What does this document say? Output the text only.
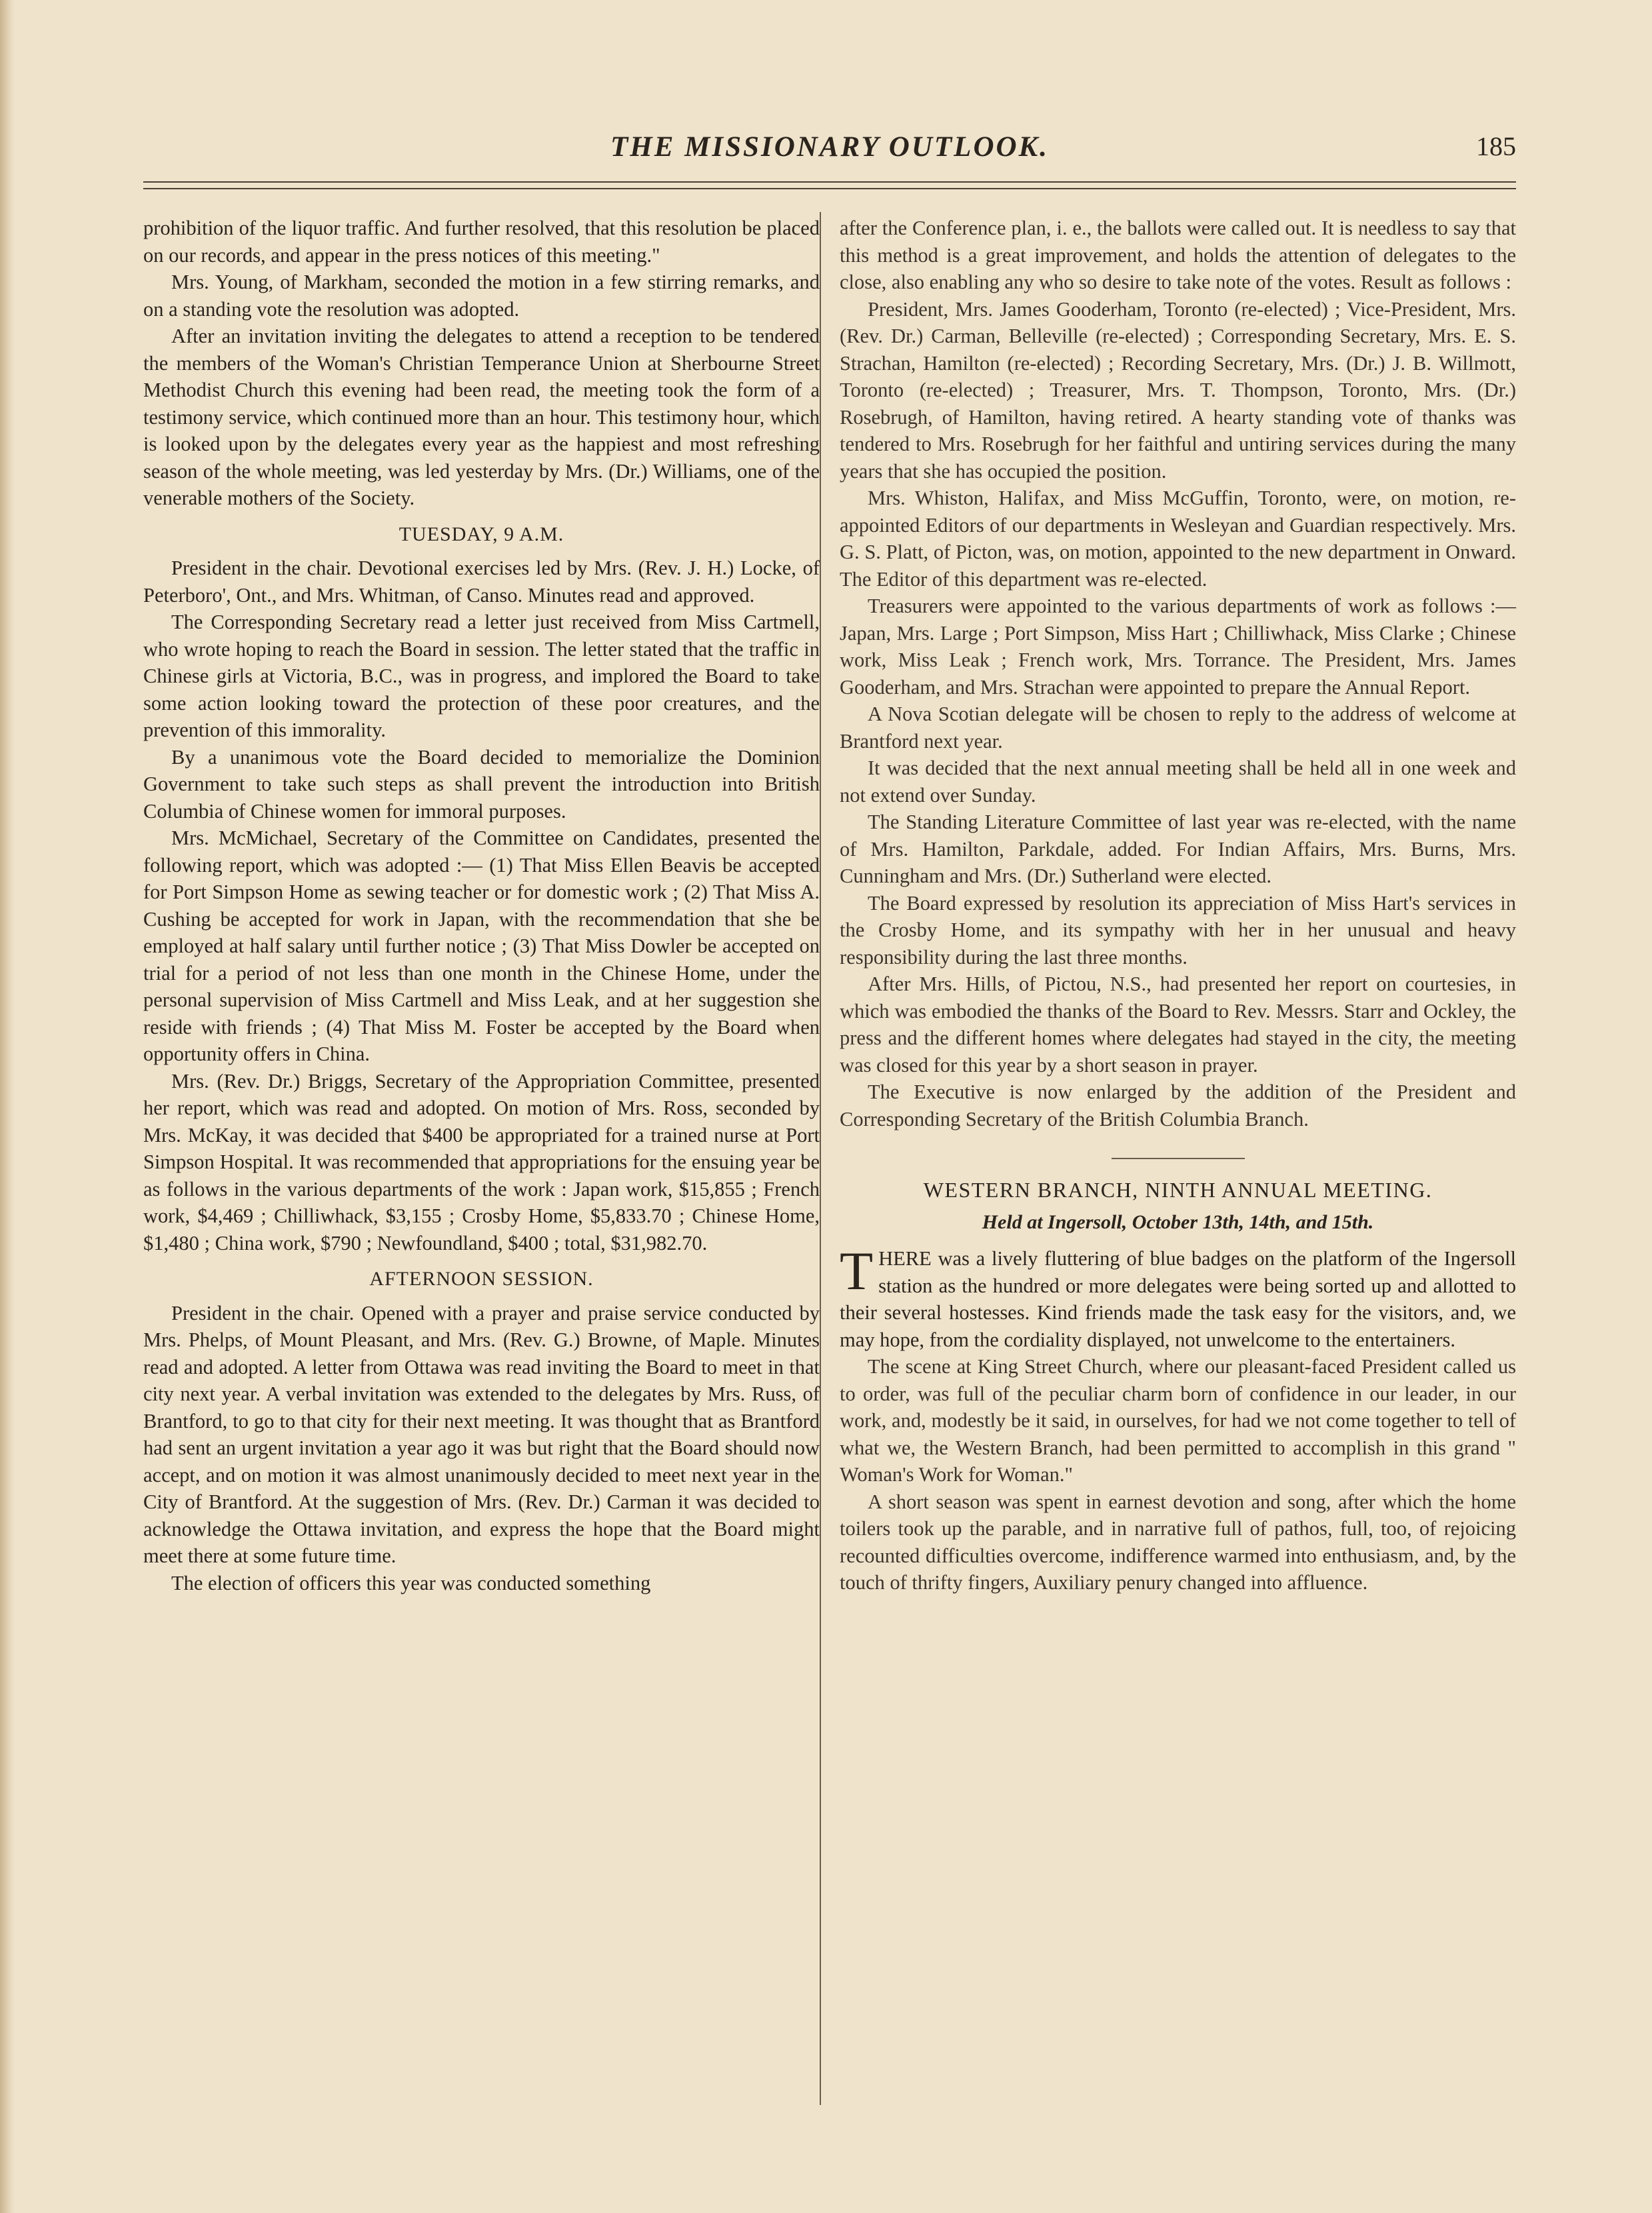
THE MISSIONARY OUTLOOK.	185

prohibition of the liquor traffic. And further resolved, that this resolution be placed on our records, and appear in the press notices of this meeting."

Mrs. Young, of Markham, seconded the motion in a few stirring remarks, and on a standing vote the resolution was adopted.

After an invitation inviting the delegates to attend a reception to be tendered the members of the Woman's Christian Temperance Union at Sherbourne Street Methodist Church this evening had been read, the meeting took the form of a testimony service, which continued more than an hour. This testimony hour, which is looked upon by the delegates every year as the happiest and most refreshing season of the whole meeting, was led yesterday by Mrs. (Dr.) Williams, one of the venerable mothers of the Society.

TUESDAY, 9 A.M.

President in the chair. Devotional exercises led by Mrs. (Rev. J. H.) Locke, of Peterboro', Ont., and Mrs. Whitman, of Canso. Minutes read and approved.

The Corresponding Secretary read a letter just received from Miss Cartmell, who wrote hoping to reach the Board in session. The letter stated that the traffic in Chinese girls at Victoria, B.C., was in progress, and implored the Board to take some action looking toward the protection of these poor creatures, and the prevention of this immorality.

By a unanimous vote the Board decided to memorialize the Dominion Government to take such steps as shall prevent the introduction into British Columbia of Chinese women for immoral purposes.

Mrs. McMichael, Secretary of the Committee on Candidates, presented the following report, which was adopted :— (1) That Miss Ellen Beavis be accepted for Port Simpson Home as sewing teacher or for domestic work ; (2) That Miss A. Cushing be accepted for work in Japan, with the recommendation that she be employed at half salary until further notice ; (3) That Miss Dowler be accepted on trial for a period of not less than one month in the Chinese Home, under the personal supervision of Miss Cartmell and Miss Leak, and at her suggestion she reside with friends ; (4) That Miss M. Foster be accepted by the Board when opportunity offers in China.

Mrs. (Rev. Dr.) Briggs, Secretary of the Appropriation Committee, presented her report, which was read and adopted. On motion of Mrs. Ross, seconded by Mrs. McKay, it was decided that $400 be appropriated for a trained nurse at Port Simpson Hospital. It was recommended that appropriations for the ensuing year be as follows in the various departments of the work : Japan work, $15,855 ; French work, $4,469 ; Chilliwhack, $3,155 ; Crosby Home, $5,833.70 ; Chinese Home, $1,480 ; China work, $790 ; Newfoundland, $400 ; total, $31,982.70.

AFTERNOON SESSION.

President in the chair. Opened with a prayer and praise service conducted by Mrs. Phelps, of Mount Pleasant, and Mrs. (Rev. G.) Browne, of Maple. Minutes read and adopted. A letter from Ottawa was read inviting the Board to meet in that city next year. A verbal invitation was extended to the delegates by Mrs. Russ, of Brantford, to go to that city for their next meeting. It was thought that as Brantford had sent an urgent invitation a year ago it was but right that the Board should now accept, and on motion it was almost unanimously decided to meet next year in the City of Brantford. At the suggestion of Mrs. (Rev. Dr.) Carman it was decided to acknowledge the Ottawa invitation, and express the hope that the Board might meet there at some future time.

The election of officers this year was conducted something

after the Conference plan, i. e., the ballots were called out. It is needless to say that this method is a great improvement, and holds the attention of delegates to the close, also enabling any who so desire to take note of the votes. Result as follows :

President, Mrs. James Gooderham, Toronto (re-elected) ; Vice-President, Mrs. (Rev. Dr.) Carman, Belleville (re-elected) ; Corresponding Secretary, Mrs. E. S. Strachan, Hamilton (re-elected) ; Recording Secretary, Mrs. (Dr.) J. B. Willmott, Toronto (re-elected) ; Treasurer, Mrs. T. Thompson, Toronto, Mrs. (Dr.) Rosebrugh, of Hamilton, having retired. A hearty standing vote of thanks was tendered to Mrs. Rosebrugh for her faithful and untiring services during the many years that she has occupied the position.

Mrs. Whiston, Halifax, and Miss McGuffin, Toronto, were, on motion, re-appointed Editors of our departments in Wesleyan and Guardian respectively. Mrs. G. S. Platt, of Picton, was, on motion, appointed to the new department in Onward. The Editor of this department was re-elected.

Treasurers were appointed to the various departments of work as follows :—Japan, Mrs. Large ; Port Simpson, Miss Hart ; Chilliwhack, Miss Clarke ; Chinese work, Miss Leak ; French work, Mrs. Torrance. The President, Mrs. James Gooderham, and Mrs. Strachan were appointed to prepare the Annual Report.

A Nova Scotian delegate will be chosen to reply to the address of welcome at Brantford next year.

It was decided that the next annual meeting shall be held all in one week and not extend over Sunday.

The Standing Literature Committee of last year was re-elected, with the name of Mrs. Hamilton, Parkdale, added. For Indian Affairs, Mrs. Burns, Mrs. Cunningham and Mrs. (Dr.) Sutherland were elected.

The Board expressed by resolution its appreciation of Miss Hart's services in the Crosby Home, and its sympathy with her in her unusual and heavy responsibility during the last three months.

After Mrs. Hills, of Pictou, N.S., had presented her report on courtesies, in which was embodied the thanks of the Board to Rev. Messrs. Starr and Ockley, the press and the different homes where delegates had stayed in the city, the meeting was closed for this year by a short season in prayer.

The Executive is now enlarged by the addition of the President and Corresponding Secretary of the British Columbia Branch.

WESTERN BRANCH, NINTH ANNUAL MEETING.

Held at Ingersoll, October 13th, 14th, and 15th.

THERE was a lively fluttering of blue badges on the platform of the Ingersoll station as the hundred or more delegates were being sorted up and allotted to their several hostesses. Kind friends made the task easy for the visitors, and, we may hope, from the cordiality displayed, not unwelcome to the entertainers.

The scene at King Street Church, where our pleasant-faced President called us to order, was full of the peculiar charm born of confidence in our leader, in our work, and, modestly be it said, in ourselves, for had we not come together to tell of what we, the Western Branch, had been permitted to accomplish in this grand " Woman's Work for Woman."

A short season was spent in earnest devotion and song, after which the home toilers took up the parable, and in narrative full of pathos, full, too, of rejoicing recounted difficulties overcome, indifference warmed into enthusiasm, and, by the touch of thrifty fingers, Auxiliary penury changed into affluence.
